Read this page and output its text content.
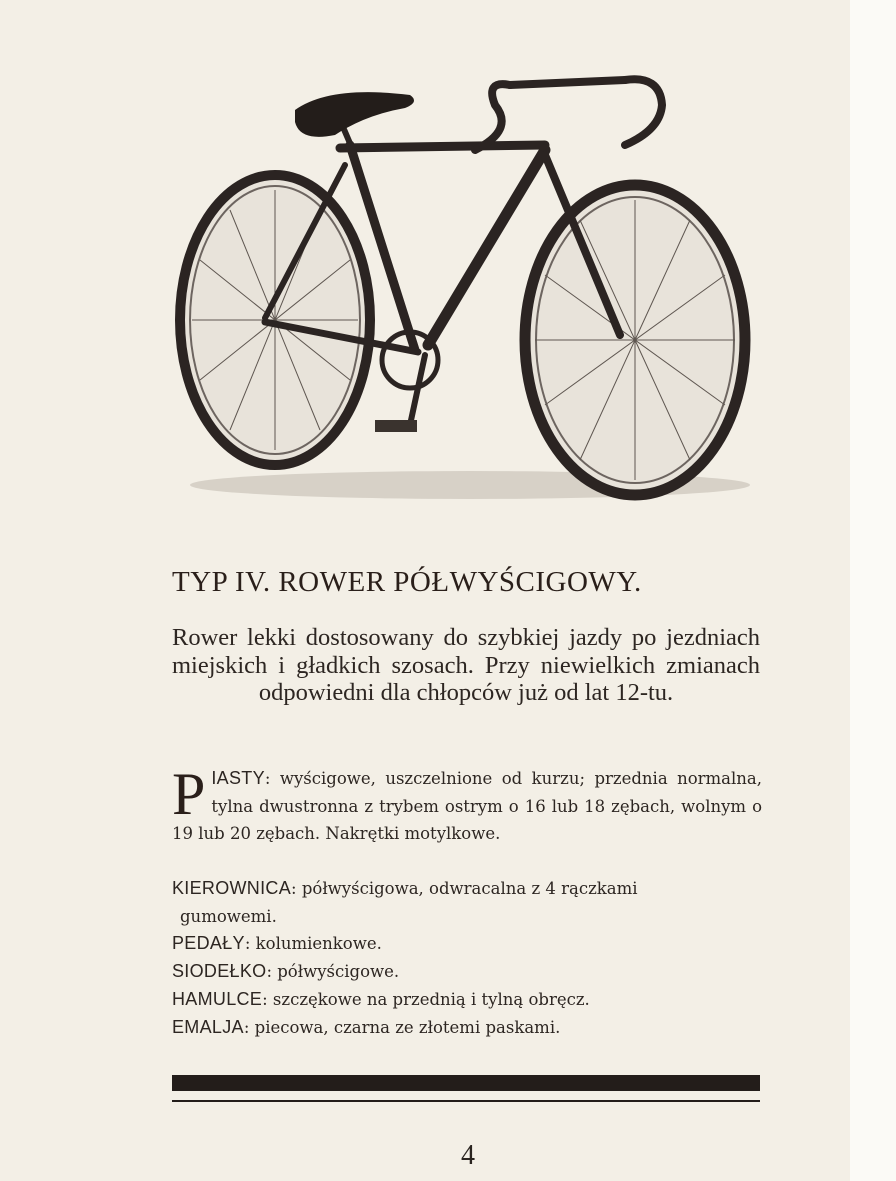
TYP IV. ROWER PÓŁWYŚCIGOWY.
Rower lekki dostosowany do szybkiej jazdy po jezdniach miejskich i gładkich szosach. Przy niewielkich zmianach odpowiedni dla chłopców już od lat 12-tu.
P IASTY: wyścigowe, uszczelnione od kurzu; przednia normalna, tylna dwustronna z trybem ostrym o 16 lub 18 zębach, wolnym o 19 lub 20 zębach. Nakrętki motylkowe.
KIEROWNICA: półwyścigowa, odwracalna z 4 rączkami
gumowemi.
PEDAŁY: kolumienkowe.
SIODEŁKO: półwyścigowe.
HAMULCE: szczękowe na przednią i tylną obręcz.
EMALJA: piecowa, czarna ze złotemi paskami.
4
